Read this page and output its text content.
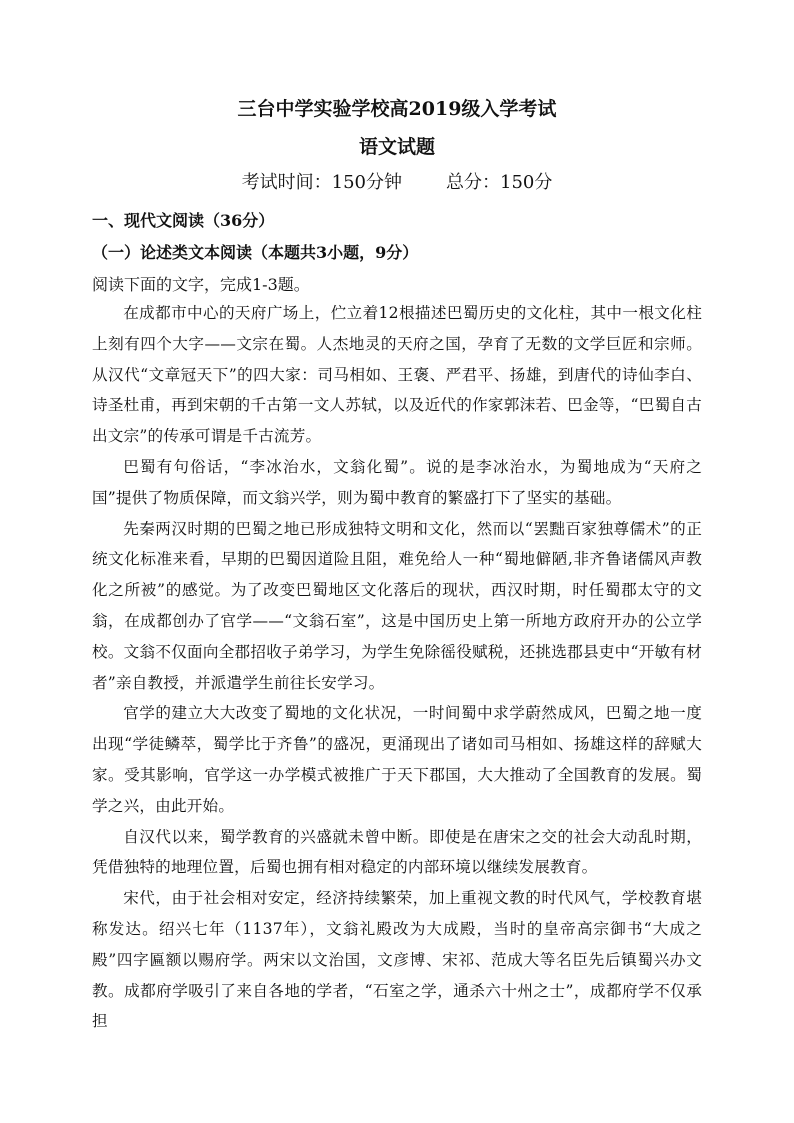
三台中学实验学校高2019级入学考试
语文试题
考试时间：150分钟 总分：150分
一、现代文阅读（36分）
（一）论述类文本阅读（本题共3小题，9分）
阅读下面的文字，完成1-3题。

在成都市中心的天府广场上，伫立着12根描述巴蜀历史的文化柱，其中一根文化柱上刻有四个大字——文宗在蜀。人杰地灵的天府之国，孕育了无数的文学巨匠和宗师。从汉代“文章冠天下”的四大家：司马相如、王褒、严君平、扬雄，到唐代的诗仙李白、诗圣杜甫，再到宋朝的千古第一文人苏轼，以及近代的作家郭沫若、巴金等，“巴蜀自古出文宗”的传承可谓是千古流芳。

巴蜀有句俗话，“李冰治水，文翁化蜀”。说的是李冰治水，为蜀地成为“天府之国”提供了物质保障，而文翁兴学，则为蜀中教育的繁盛打下了坚实的基础。

先秦两汉时期的巴蜀之地已形成独特文明和文化，然而以“罢黜百家独尊儒术”的正统文化标准来看，早期的巴蜀因道险且阻，难免给人一种“蜀地僻陋,非齐鲁诸儒风声教化之所被”的感觉。为了改变巴蜀地区文化落后的现状，西汉时期，时任蜀郡太守的文翁，在成都创办了官学——“文翁石室”，这是中国历史上第一所地方政府开办的公立学校。文翁不仅面向全郡招收子弟学习，为学生免除徭役赋税，还挑选郡县吏中“开敏有材者”亲自教授，并派遣学生前往长安学习。

官学的建立大大改变了蜀地的文化状况，一时间蜀中求学蔚然成风，巴蜀之地一度出现“学徒鳞萃，蜀学比于齐鲁”的盛况，更涌现出了诸如司马相如、扬雄这样的辞赋大家。受其影响，官学这一办学模式被推广于天下郡国，大大推动了全国教育的发展。蜀学之兴，由此开始。

自汉代以来，蜀学教育的兴盛就未曾中断。即使是在唐宋之交的社会大动乱时期，凭借独特的地理位置，后蜀也拥有相对稳定的内部环境以继续发展教育。

宋代，由于社会相对安定，经济持续繁荣，加上重视文教的时代风气，学校教育堪称发达。绍兴七年（1137年），文翁礼殿改为大成殿，当时的皇帝高宗御书“大成之殿”四字匾额以赐府学。两宋以文治国，文彦博、宋祁、范成大等名臣先后镇蜀兴办文教。成都府学吸引了来自各地的学者，“石室之学，通杀六十州之士”，成都府学不仅承担
